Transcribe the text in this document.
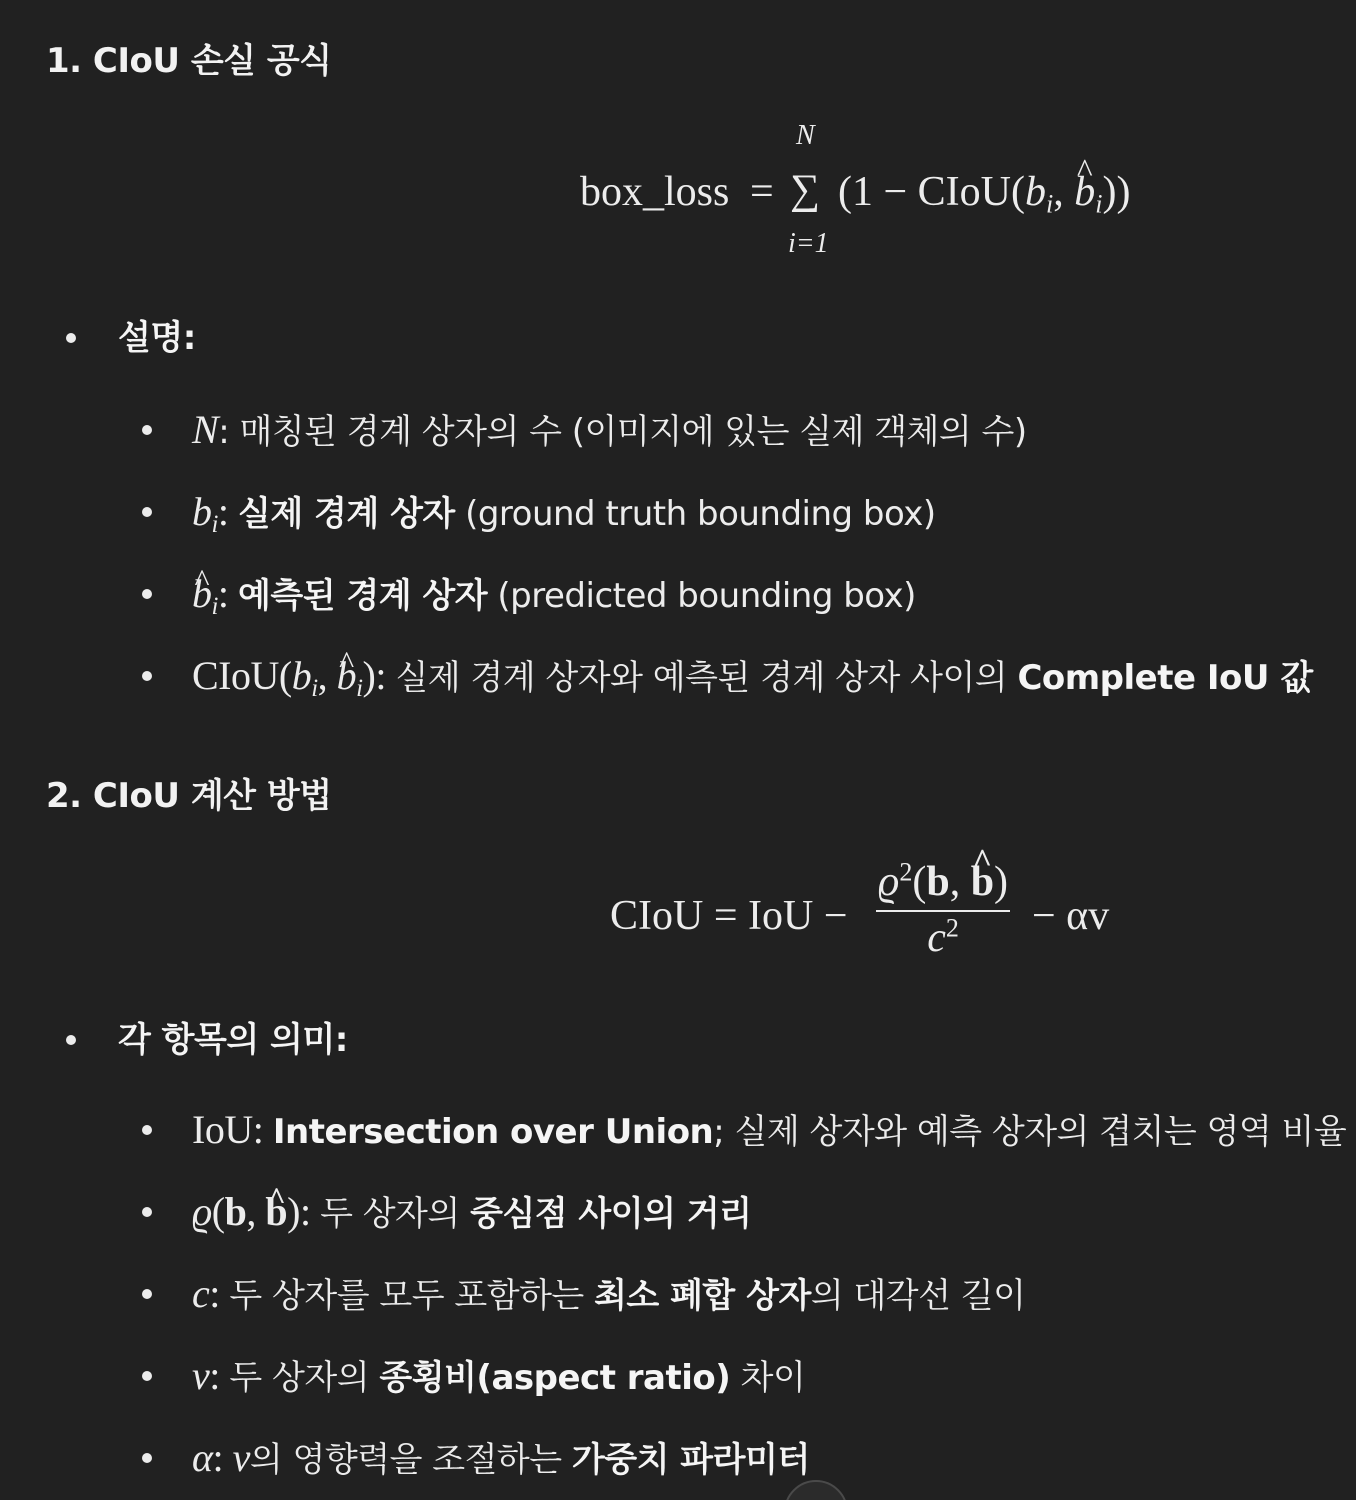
1. CIoU 손실 공식
box_loss =
N
∑
i=1
($1 - CIoU(b_i$, ^ $b_i$))
설명:
N: 매칭된 경계 상자의 수 (이미지에 있는 실제 객체의 수)
$b_i$: 실제 경계 상자 (ground truth bounding box)
^ $b_i$: 예측된 경계 상자 (predicted bounding box)
$CIoU(b_i$, ^ $b_i$): 실제 경계 상자와 예측된 경계 상자 사이의 Complete IoU 값
2. CIoU 계산 방법
CIoU = IoU − $\frac{ϱ^2(b, \^{} b)}{c^2} - \alpha v$
각 항목의 의미:
IoU: Intersection over Union; 실제 상자와 예측 상자의 겹치는 영역 비율
ϱ(b, ^ b): 두 상자의 중심점 사이의 거리
c: 두 상자를 모두 포함하는 최소 폐합 상자의 대각선 길이
v: 두 상자의 종횡비(aspect ratio) 차이
α: v의 영향력을 조절하는 가중치 파라미터
